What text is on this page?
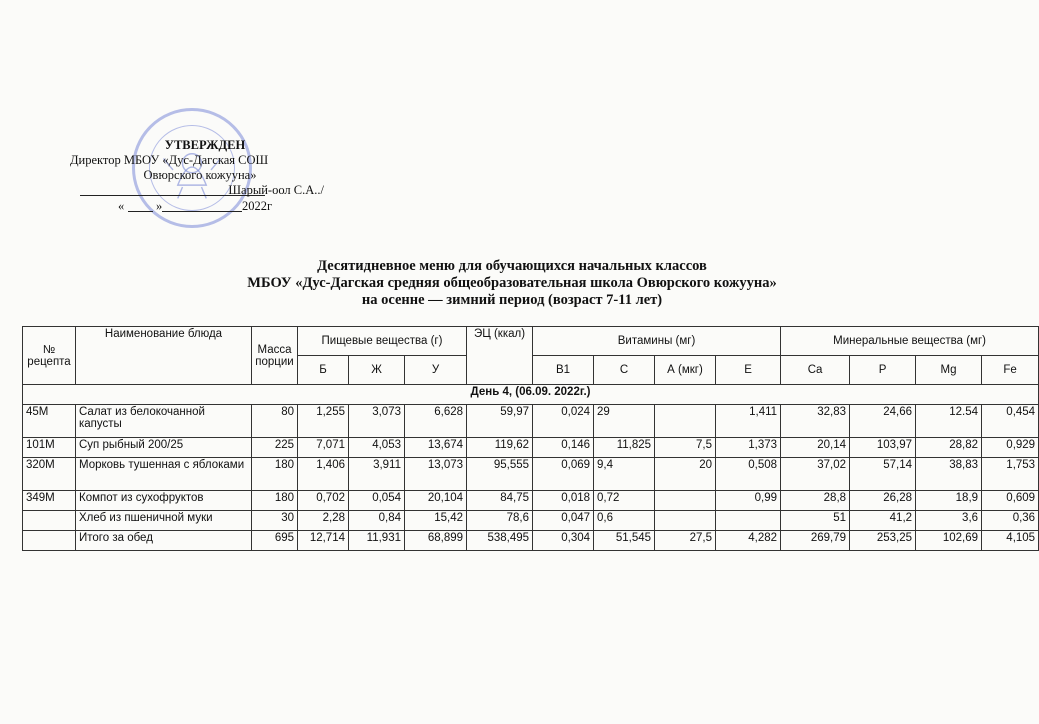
УТВЕРЖДЕН
Директор МБОУ «Дус-Дагская СОШ
Овюрского кожууна»
Шарый-оол С.А../
«	»	2022г
Десятидневное меню для обучающихся начальных классов
МБОУ «Дус-Дагская средняя общеобразовательная школа Овюрского кожууна»
на осенне — зимний период (возраст 7-11 лет)
№ рецепта	Наименование блюда	Масса порции	Пищевые вещества (г)			ЭЦ (ккал)	Витамины (мг)				Минеральные вещества (мг)			
			Б	Ж	У		В1	С	А (мкг)	Е	Ca	P	Mg	Fe
День 4, (06.09. 2022г.)														
45М	Салат из белокочанной капусты	80	1,255	3,073	6,628	59,97	0,024	29		1,411	32,83	24,66	12.54	0,454
101М	Суп рыбный 200/25	225	7,071	4,053	13,674	119,62	0,146	11,825	7,5	1,373	20,14	103,97	28,82	0,929
320М	Морковь тушенная с яблоками	180	1,406	3,911	13,073	95,555	0,069	9,4	20	0,508	37,02	57,14	38,83	1,753
349М	Компот из сухофруктов	180	0,702	0,054	20,104	84,75	0,018	0,72		0,99	28,8	26,28	18,9	0,609
	Хлеб из пшеничной муки	30	2,28	0,84	15,42	78,6	0,047	0,6			51	41,2	3,6	0,36
	Итого за обед	695	12,714	11,931	68,899	538,495	0,304	51,545	27,5	4,282	269,79	253,25	102,69	4,105
